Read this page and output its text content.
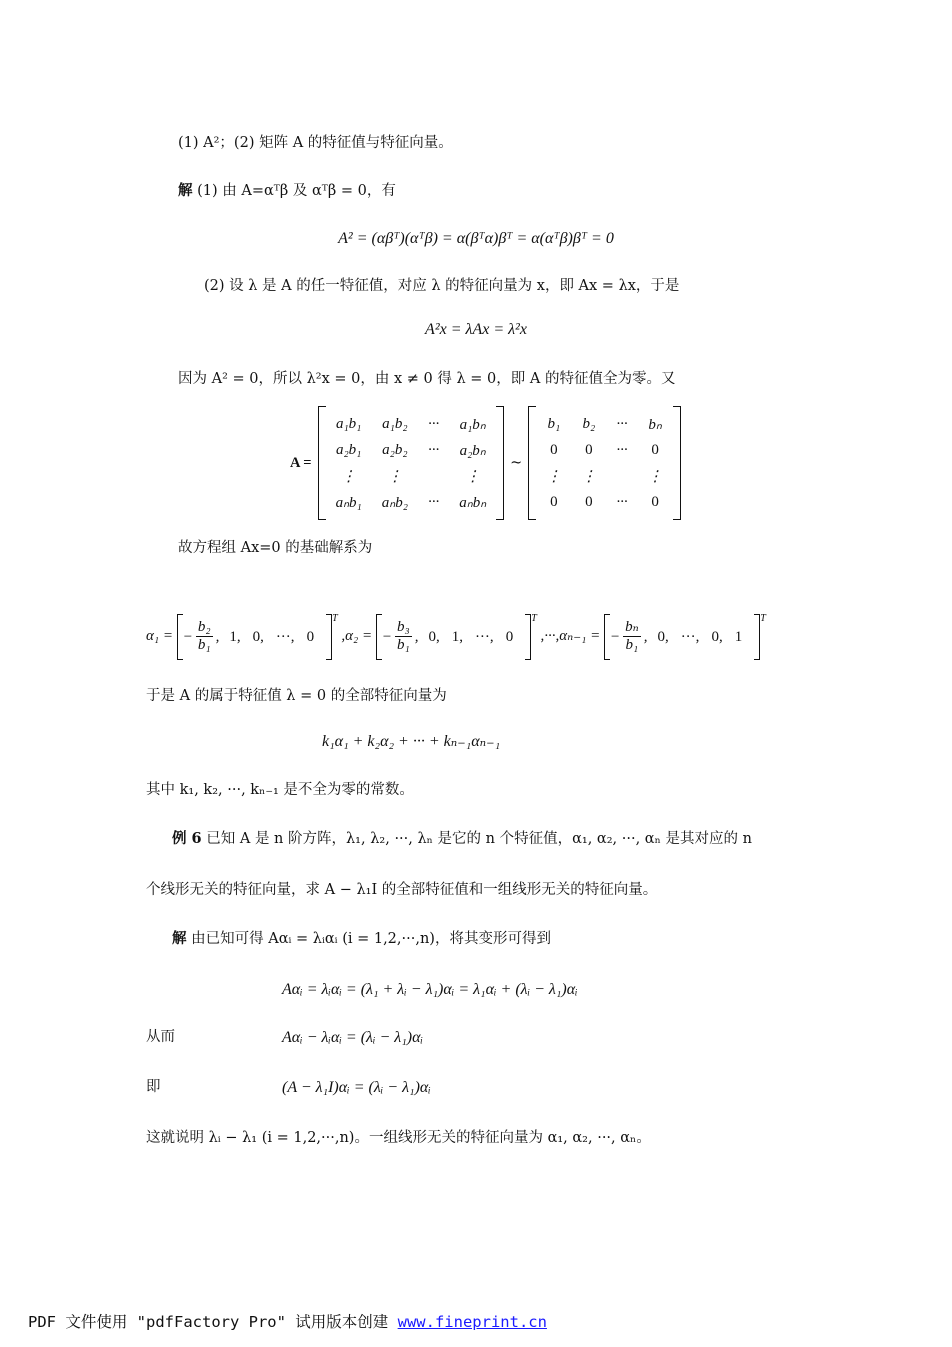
(1) A²；(2) 矩阵 A 的特征值与特征向量。
解 (1) 由 A=αᵀβ 及 αᵀβ = 0，有
A² = (αβᵀ)(αᵀβ) = α(βᵀα)βᵀ = α(αᵀβ)βᵀ = 0
(2) 设 λ 是 A 的任一特征值，对应 λ 的特征向量为 x，即 Ax = λx，于是
A²x = λAx = λ²x
因为 A² = 0，所以 λ²x = 0，由 x ≠ 0 得 λ = 0，即 A 的特征值全为零。又
A =
a₁b₁	a₁b₂	···	a₁bₙ
a₂b₁	a₂b₂	···	a₂bₙ
⋮	⋮		⋮
aₙb₁	aₙb₂	···	aₙbₙ
~
b₁	b₂	···	bₙ
0	0	···	0
⋮	⋮		⋮
0	0	···	0
故方程组 Ax=0 的基础解系为
α₁ = − $\frac{\text{b₂}}{\text{b₁}}$ , 1, 0, ···, 0
$^T$
,α₂ = − $\frac{\text{b₃}}{\text{b₁}}$ , 0, 1, ···, 0
$^T$
,···,αₙ₋₁ = − $\frac{\text{bₙ}}{\text{b₁}}$ , 0, ···, 0, 1
$^T$
于是 A 的属于特征值 λ = 0 的全部特征向量为
k₁α₁ + k₂α₂ + ··· + kₙ₋₁αₙ₋₁
其中 k₁, k₂, ···, kₙ₋₁ 是不全为零的常数。
例 6 已知 A 是 n 阶方阵，λ₁, λ₂, ···, λₙ 是它的 n 个特征值，α₁, α₂, ···, αₙ 是其对应的 n
个线形无关的特征向量，求 A − λ₁I 的全部特征值和一组线形无关的特征向量。
解 由已知可得 Aαᵢ = λᵢαᵢ (i = 1,2,···,n)，将其变形可得到
Aαᵢ = λᵢαᵢ = (λ₁ + λᵢ − λ₁)αᵢ = λ₁αᵢ + (λᵢ − λ₁)αᵢ
从而	Aαᵢ − λᵢαᵢ = (λᵢ − λ₁)αᵢ
即	(A − λ₁I)αᵢ = (λᵢ − λ₁)αᵢ
这就说明 λᵢ − λ₁ (i = 1,2,···,n)。一组线形无关的特征向量为 α₁, α₂, ···, αₙ。
PDF 文件使用 "pdfFactory Pro" 试用版本创建 www.fineprint.cn
